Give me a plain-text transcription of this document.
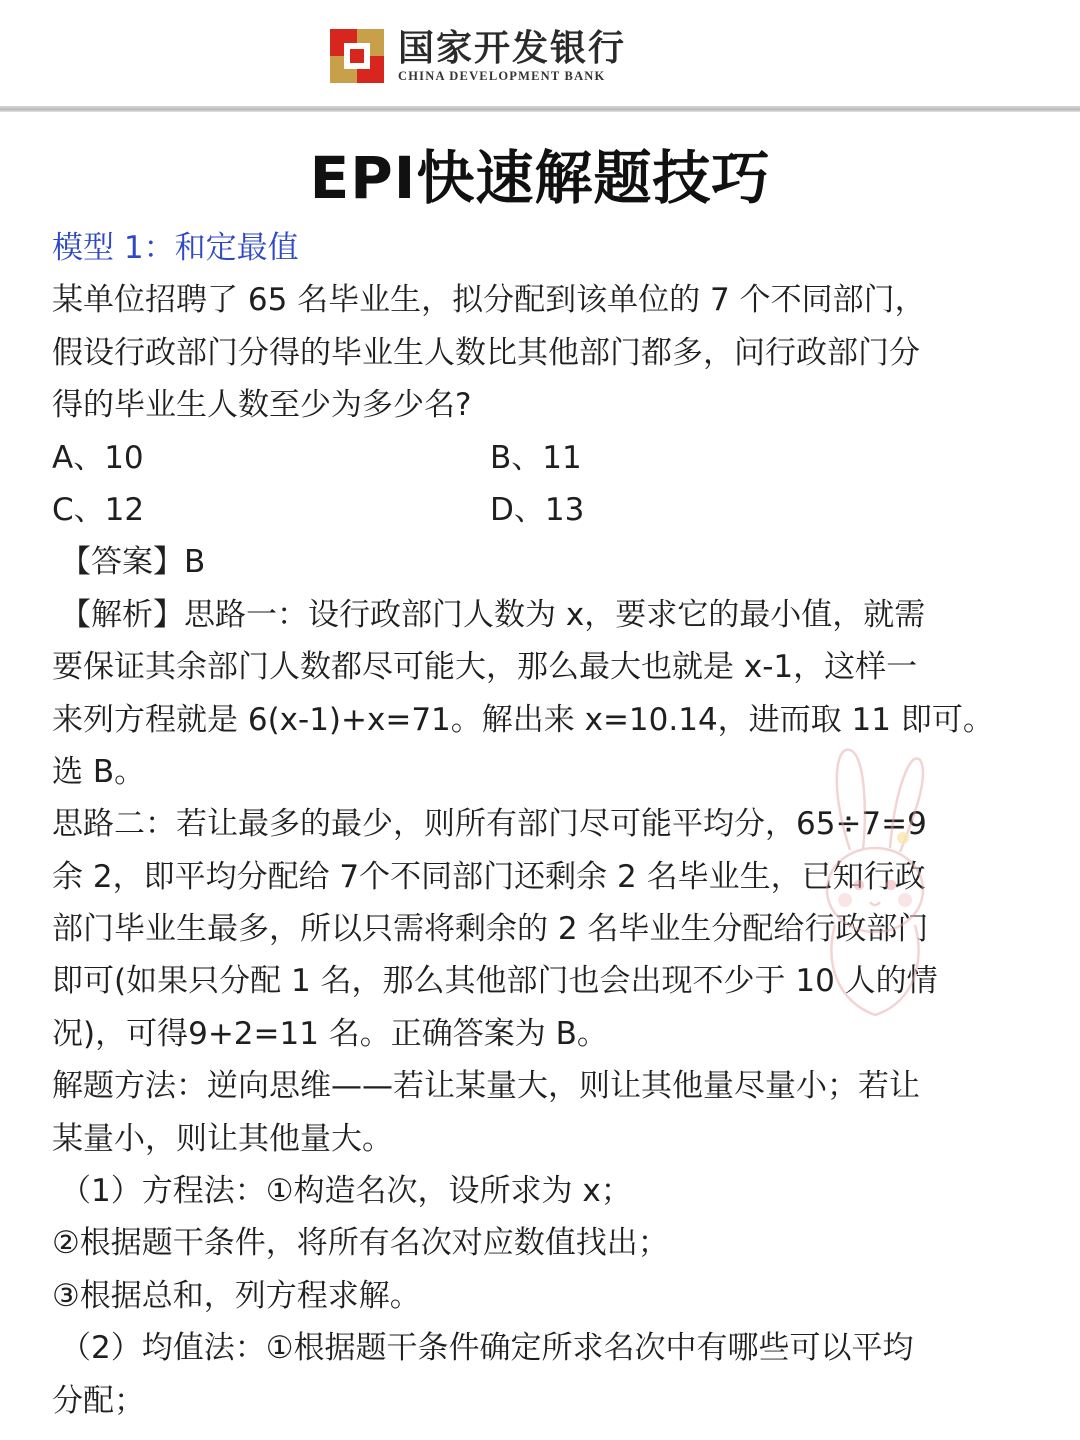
国家开发银行
CHINA DEVELOPMENT BANK
EPI快速解题技巧
模型 1：和定最值
某单位招聘了 65 名毕业生，拟分配到该单位的 7 个不同部门，
假设行政部门分得的毕业生人数比其他部门都多，问行政部门分
得的毕业生人数至少为多少名?
A、10	B、11
C、12	D、13
【答案】B
【解析】思路一：设行政部门人数为 x，要求它的最小值，就需
要保证其余部门人数都尽可能大，那么最大也就是 x-1，这样一
来列方程就是 6(x-1)+x=71。解出来 x=10.14，进而取 11 即可。
选 B。
思路二：若让最多的最少，则所有部门尽可能平均分，65÷7=9
余 2，即平均分配给 7个不同部门还剩余 2 名毕业生，已知行政
部门毕业生最多，所以只需将剩余的 2 名毕业生分配给行政部门
即可(如果只分配 1 名，那么其他部门也会出现不少于 10 人的情
况)，可得9+2=11 名。正确答案为 B。
解题方法：逆向思维——若让某量大，则让其他量尽量小；若让
某量小，则让其他量大。
（1）方程法：①构造名次，设所求为 x；
②根据题干条件，将所有名次对应数值找出；
③根据总和，列方程求解。
（2）均值法：①根据题干条件确定所求名次中有哪些可以平均
分配；
